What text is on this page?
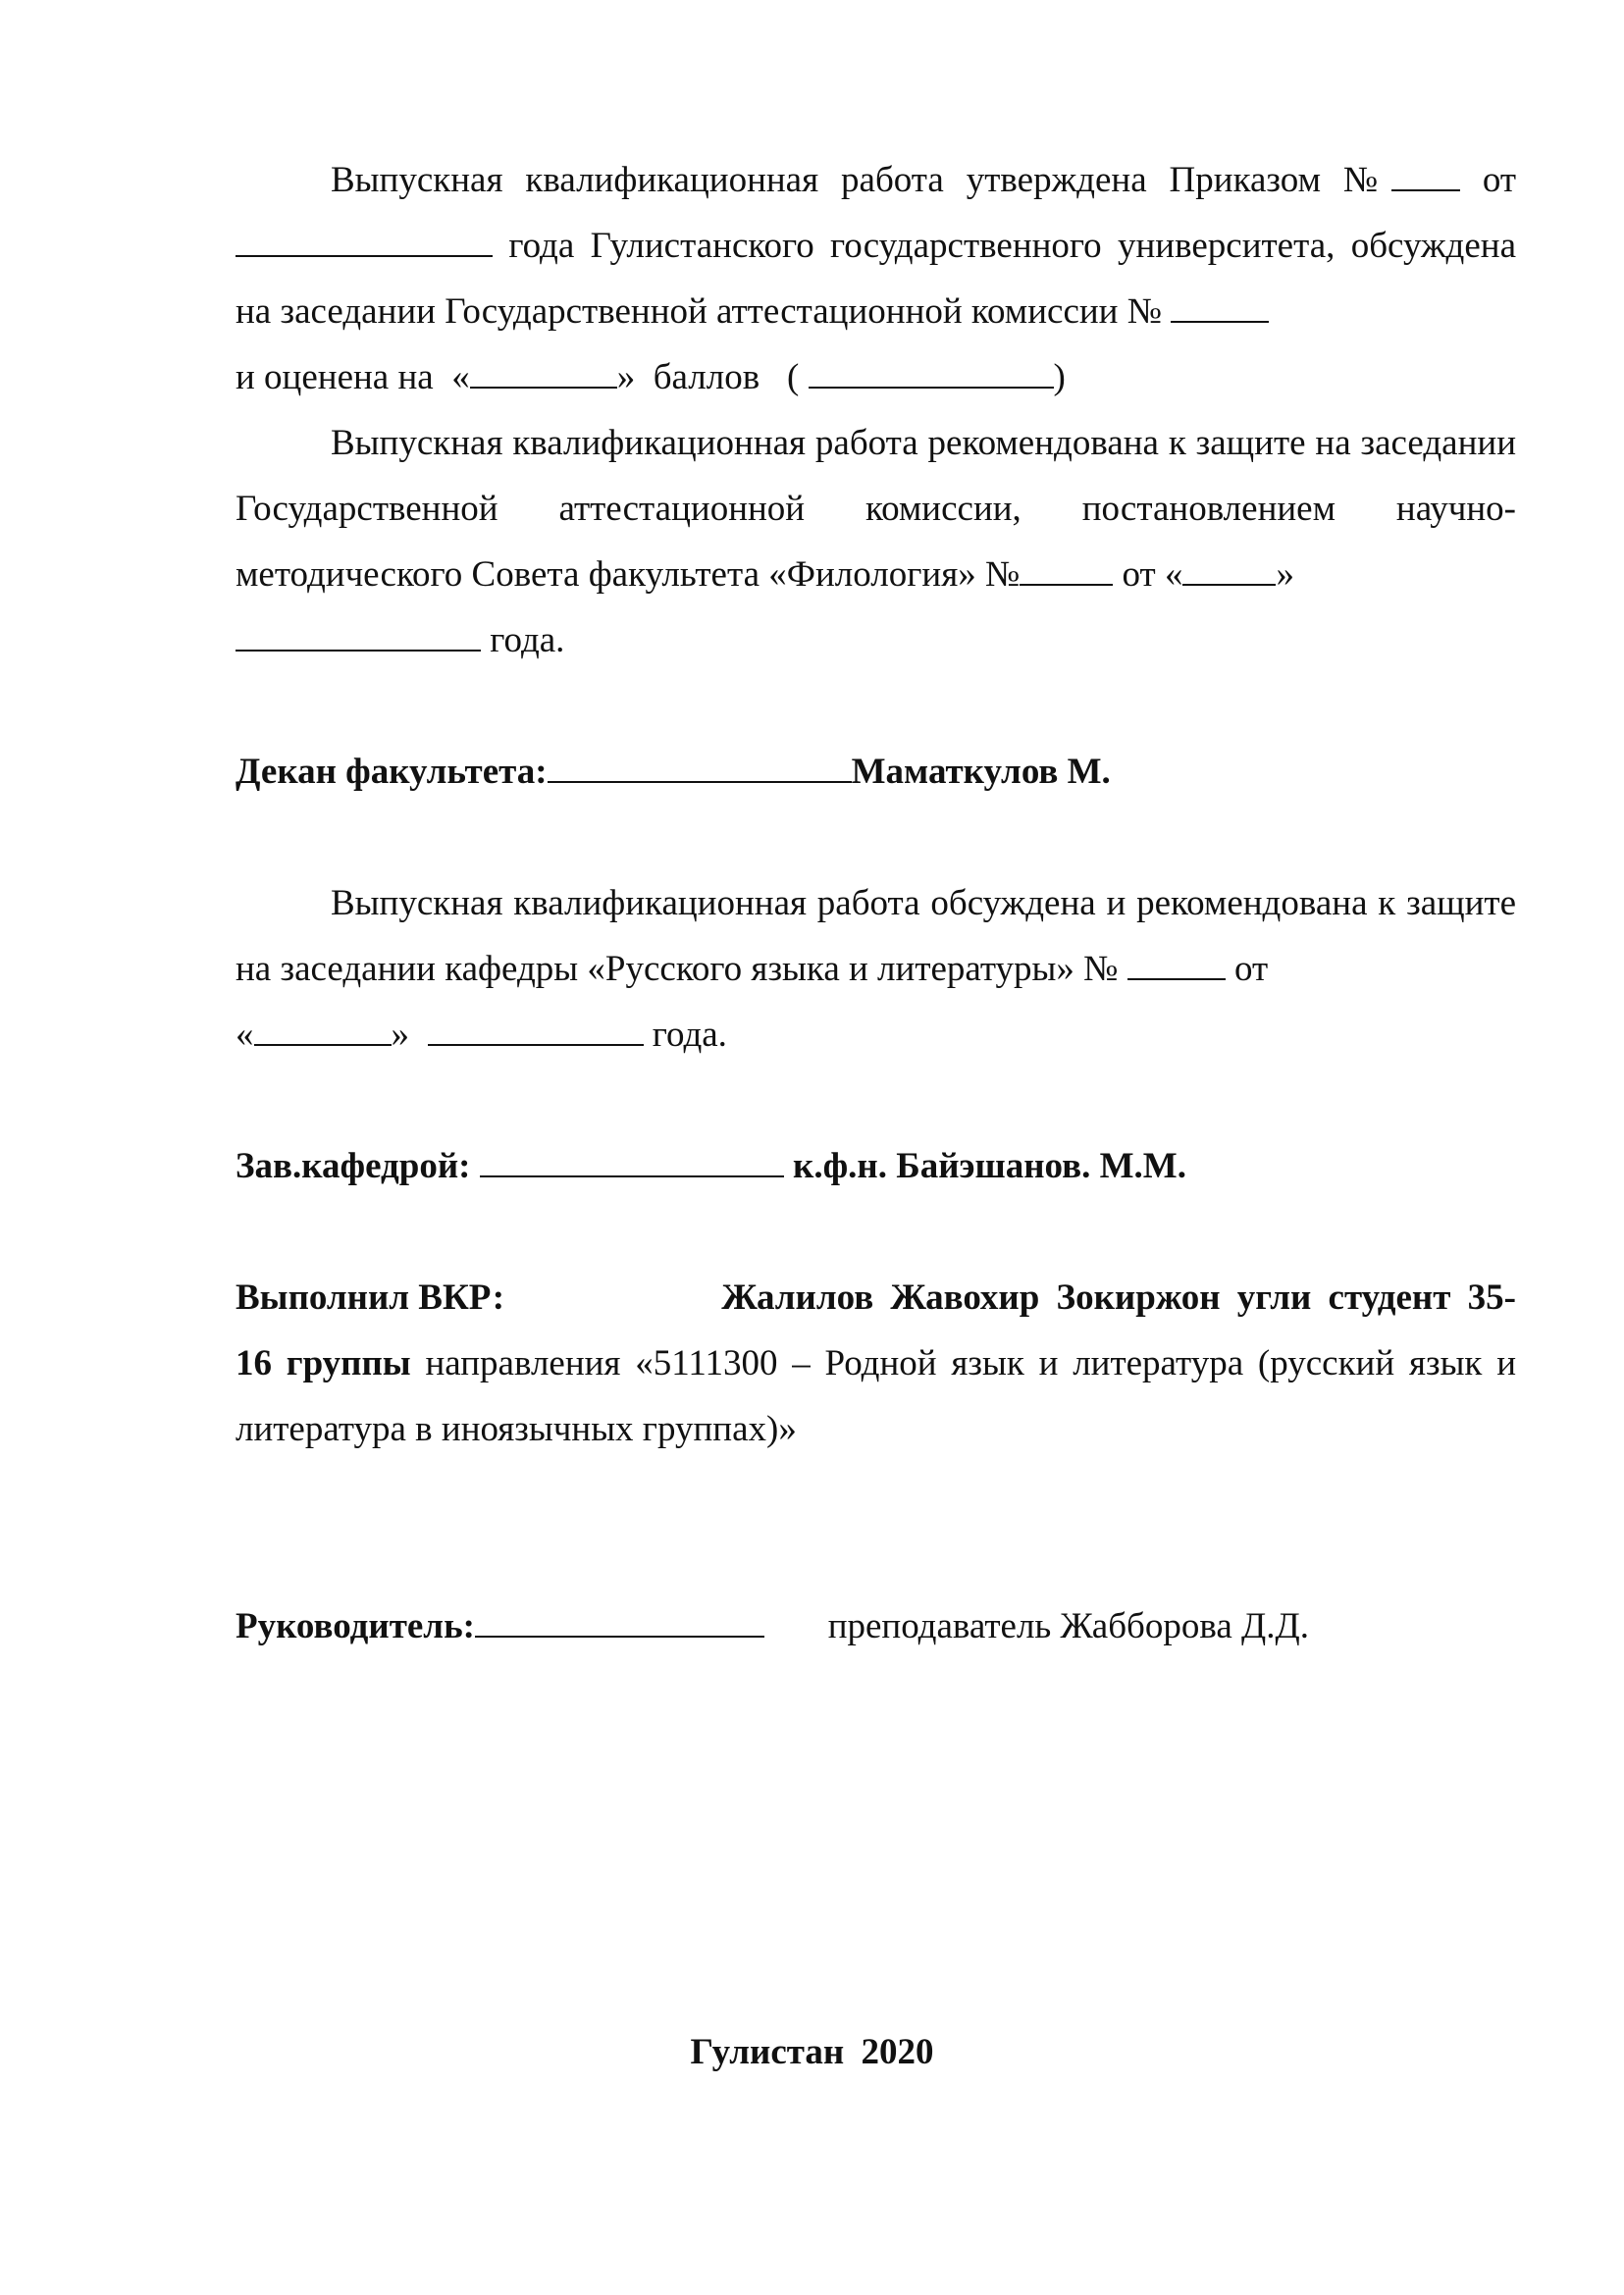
Выпускная квалификационная работа утверждена Приказом №	от  года Гулистанского государственного университета, обсуждена на заседании Государственной аттестационной комиссии №

и оценена на «	» баллов (	)

Выпускная квалификационная работа рекомендована к защите на заседании Государственной аттестационной комиссии, постановлением научно-методического Совета факультета «Филология» №	от «	»

года.

Декан факультета:	Маматкулов М.

Выпускная квалификационная работа обсуждена и рекомендована к защите на заседании кафедры «Русского языка и литературы» №	от

«	»	года.

Зав.кафедрой:	к.ф.н. Байэшанов. М.М.

Выполнил ВКР:	Жалилов Жавохир Зокиржон угли студент 35-
16 группы направления «5111300 – Родной язык и литература (русский язык и литература в иноязычных группах)»

Руководитель:	преподаватель Жабборова Д.Д.

Гулистан 2020
